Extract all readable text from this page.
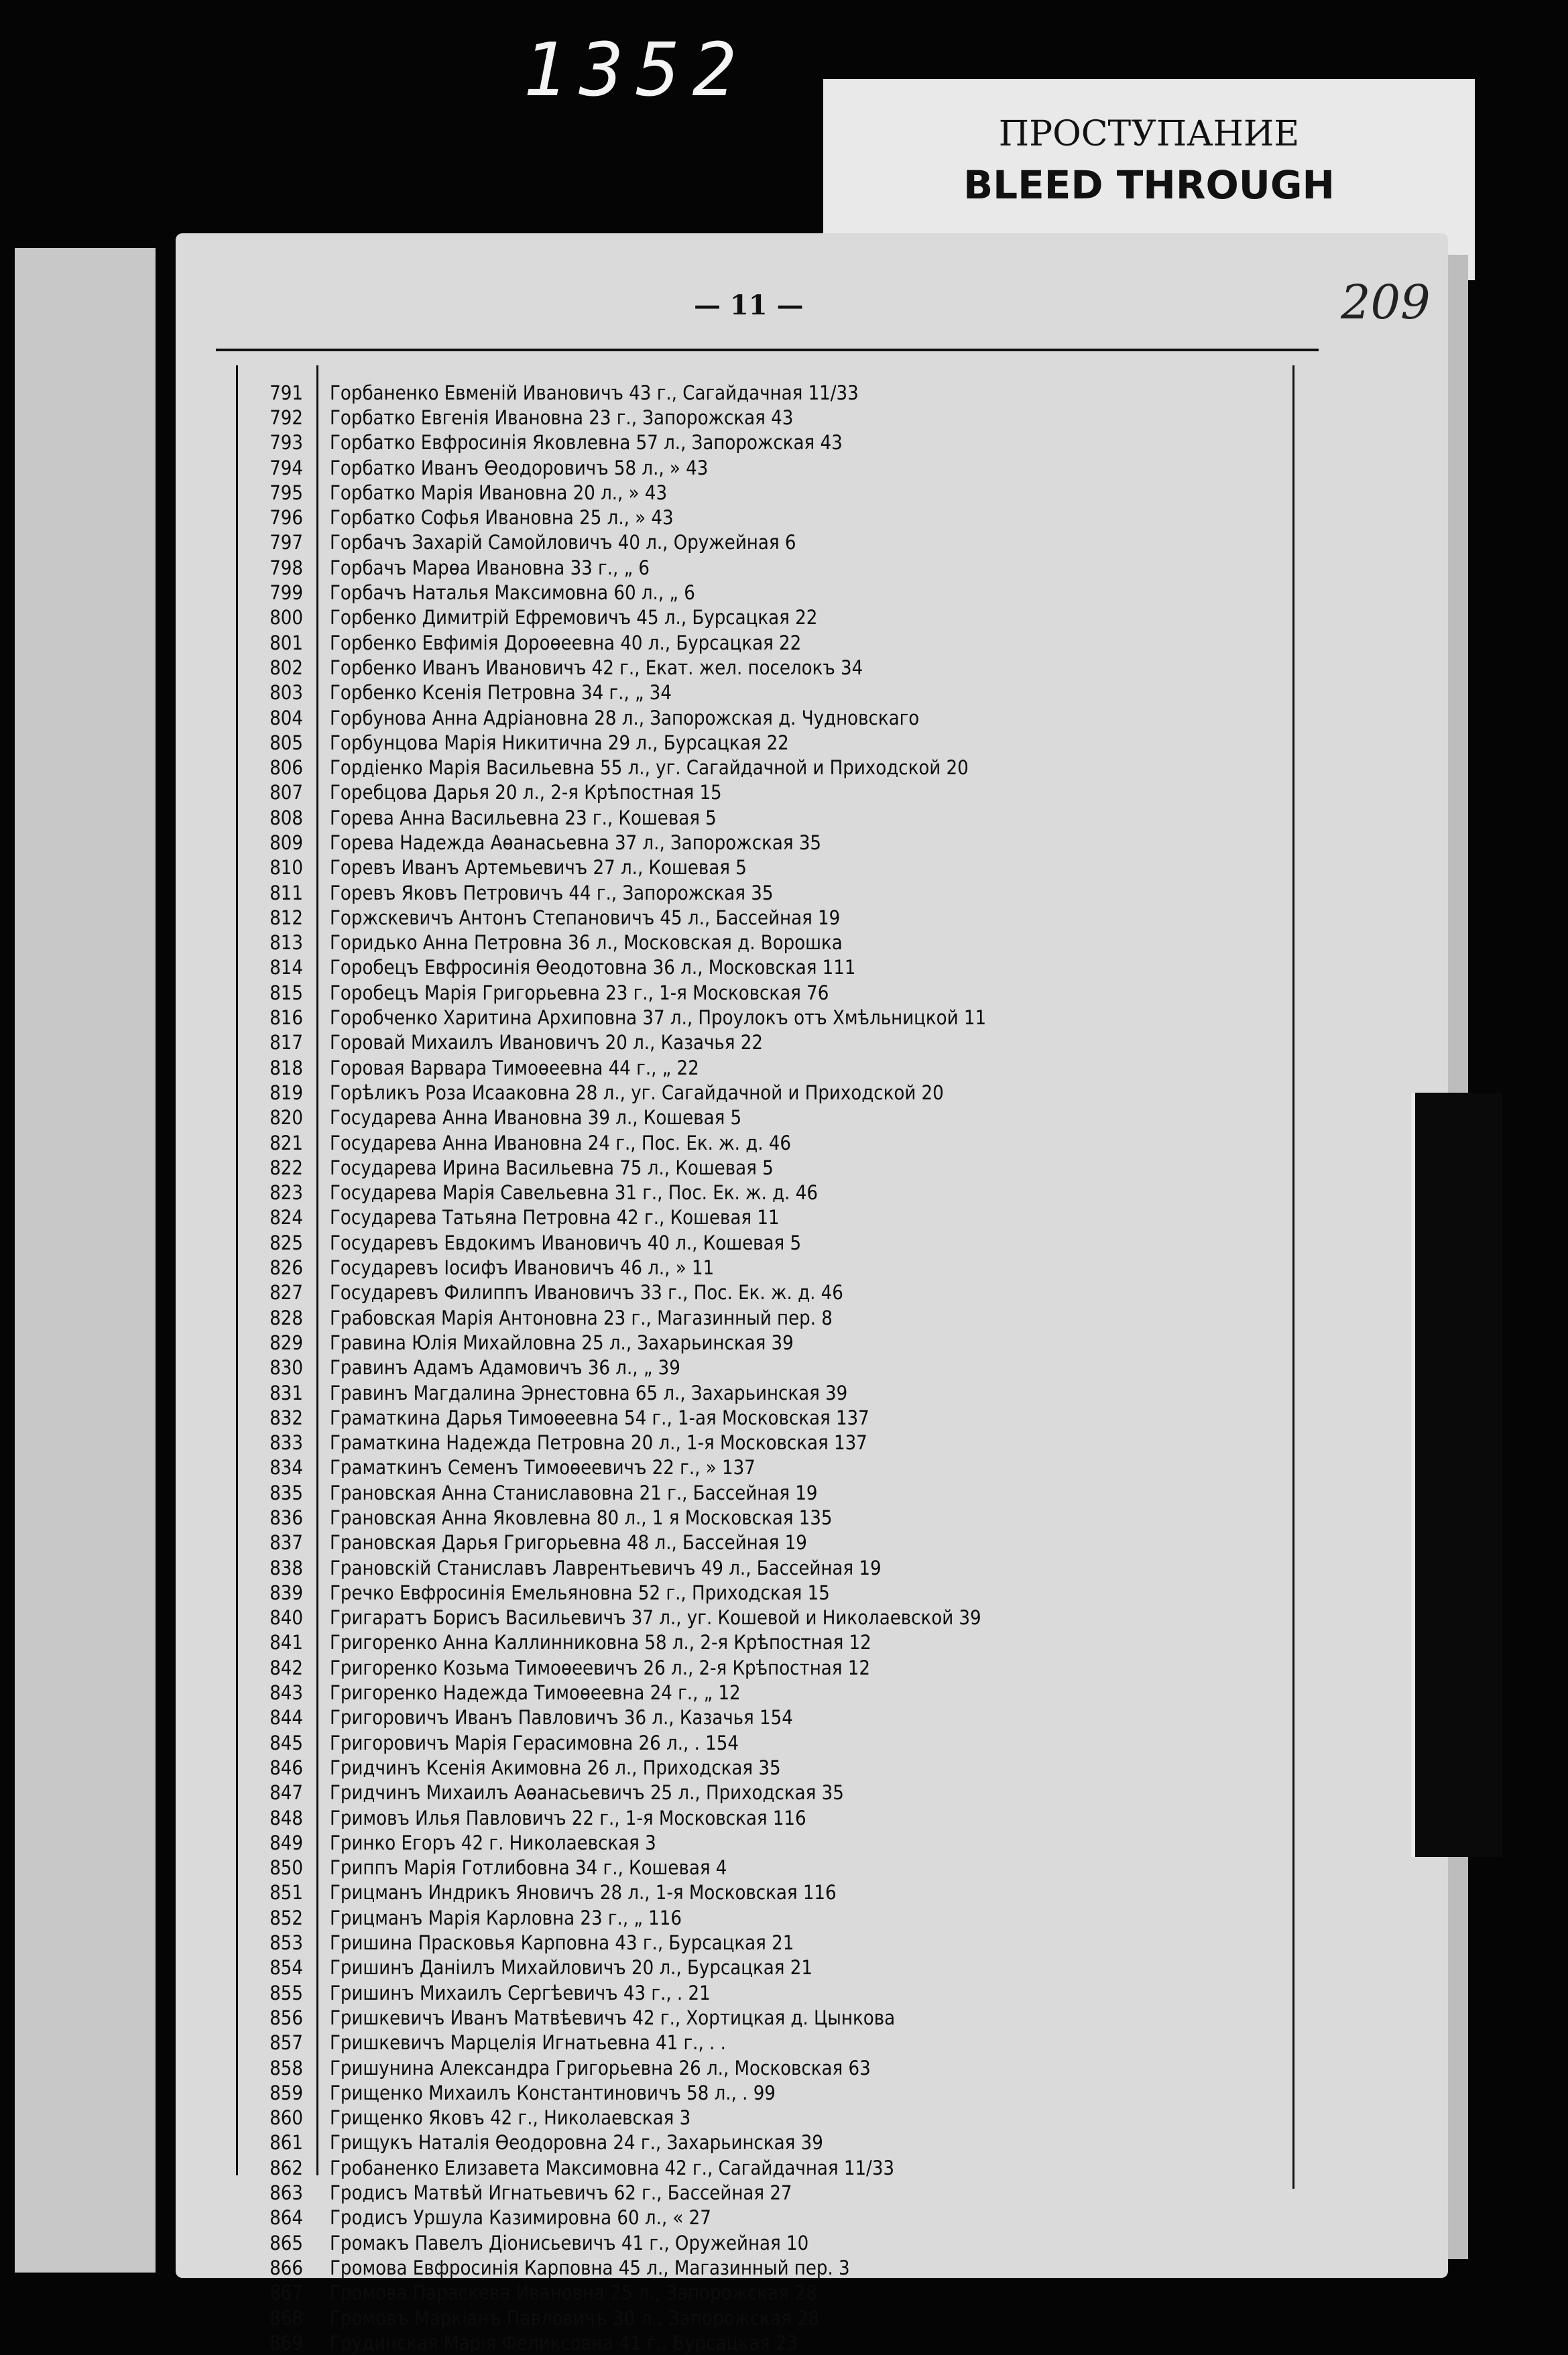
1352
ПРОСТУПАНИЕ
BLEED THROUGH
— 11 —	209
791	Горбаненко Евменій Ивановичъ 43 г., Сагайдачная 11/33
792	Горбатко Евгенія Ивановна 23 г., Запорожская 43
793	Горбатко Евфросинія Яковлевна 57 л., Запорожская 43
794	Горбатко Иванъ Ѳеодоровичъ 58 л., » 43
795	Горбатко Марія Ивановна 20 л., » 43
796	Горбатко Софья Ивановна 25 л., » 43
797	Горбачъ Захарій Самойловичъ 40 л., Оружейная 6
798	Горбачъ Марѳа Ивановна 33 г., „ 6
799	Горбачъ Наталья Максимовна 60 л., „ 6
800	Горбенко Димитрій Ефремовичъ 45 л., Бурсацкая 22
801	Горбенко Евфимія Дороѳеевна 40 л., Бурсацкая 22
802	Горбенко Иванъ Ивановичъ 42 г., Екат. жел. поселокъ 34
803	Горбенко Ксенія Петровна 34 г., „ 34
804	Горбунова Анна Адріановна 28 л., Запорожская д. Чудновскаго
805	Горбунцова Марія Никитична 29 л., Бурсацкая 22
806	Горді​енко Марія Васильевна 55 л., уг. Сагайдачной и Приходской 20
807	Горебцова Дарья 20 л., 2-я Крѣпостная 15
808	Горева Анна Васильевна 23 г., Кошевая 5
809	Горева Надежда Аѳанасьевна 37 л., Запорожская 35
810	Горевъ Иванъ Артемьевичъ 27 л., Кошевая 5
811	Горевъ Яковъ Петровичъ 44 г., Запорожская 35
812	Горжскевичъ Антонъ Степановичъ 45 л., Бассейная 19
813	Горидько Анна Петровна 36 л., Московская д. Ворошка
814	Горобецъ Евфросинія Ѳеодотовна 36 л., Московская 111
815	Горобецъ Марія Григорьевна 23 г., 1-я Московская 76
816	Горобченко Харитина Архиповна 37 л., Проулокъ отъ Хмѣльницкой 11
817	Горовай Михаилъ Ивановичъ 20 л., Казачья 22
818	Горовая Варвара Тимоѳеевна 44 г., „ 22
819	Горѣликъ Роза Исааковна 28 л., уг. Сагайдачной и Приходской 20
820	Государева Анна Ивановна 39 л., Кошевая 5
821	Государева Анна Ивановна 24 г., Пос. Ек. ж. д. 46
822	Государева Ирина Васильевна 75 л., Кошевая 5
823	Государева Марія Савельевна 31 г., Пос. Ек. ж. д. 46
824	Государева Татьяна Петровна 42 г., Кошевая 11
825	Государевъ Евдокимъ Ивановичъ 40 л., Кошевая 5
826	Государевъ Іосифъ Ивановичъ 46 л., » 11
827	Государевъ Филиппъ Ивановичъ 33 г., Пос. Ек. ж. д. 46
828	Грабовская Марія Антоновна 23 г., Магазинный пер. 8
829	Гравина Юлія Михайловна 25 л., Захарьинская 39
830	Гравинъ Адамъ Адамовичъ 36 л., „ 39
831	Гравинъ Магдалина Эрнестовна 65 л., Захарьинская 39
832	Граматкина Дарья Тимоѳеевна 54 г., 1-ая Московская 137
833	Граматкина Надежда Петровна 20 л., 1-я Московская 137
834	Граматкинъ Семенъ Тимоѳеевичъ 22 г., » 137
835	Грановская Анна Станиславовна 21 г., Бассейная 19
836	Грановская Анна Яковлевна 80 л., 1 я Московская 135
837	Грановская Дарья Григорьевна 48 л., Бассейная 19
838	Грановскій Станиславъ Лаврентьевичъ 49 л., Бассейная 19
839	Гречко Евфросинія Емельяновна 52 г., Приходская 15
840	Григаратъ Борисъ Васильевичъ 37 л., уг. Кошевой и Николаевской 39
841	Григоренко Анна Каллинниковна 58 л., 2-я Крѣпостная 12
842	Григоренко Козьма Тимоѳеевичъ 26 л., 2-я Крѣпостная 12
843	Григоренко Надежда Тимоѳеевна 24 г., „ 12
844	Григоровичъ Иванъ Павловичъ 36 л., Казачья 154
845	Григоровичъ Марія Герасимовна 26 л., . 154
846	Гридчинъ Ксенія Акимовна 26 л., Приходская 35
847	Гридчинъ Михаилъ Аѳанасьевичъ 25 л., Приходская 35
848	Гримовъ Илья Павловичъ 22 г., 1-я Московская 116
849	Гринко Егоръ 42 г. Николаевская 3
850	Гриппъ Марія Готлибовна 34 г., Кошевая 4
851	Грицманъ Индрикъ Яновичъ 28 л., 1-я Московская 116
852	Грицманъ Марія Карловна 23 г., „ 116
853	Гришина Прасковья Карповна 43 г., Бурсацкая 21
854	Гришинъ Даніилъ Михайловичъ 20 л., Бурсацкая 21
855	Гришинъ Михаилъ Сергѣевичъ 43 г., . 21
856	Гришкевичъ Иванъ Матвѣевичъ 42 г., Хортицкая д. Цынкова
857	Гришкевичъ Марцелія Игнатьевна 41 г., . .
858	Гришунина Александра Григорьевна 26 л., Московская 63
859	Грищенко Михаилъ Константиновичъ 58 л., . 99
860	Грищенко Яковъ 42 г., Николаевская 3
861	Грищукъ Наталія Ѳеодоровна 24 г., Захарьинская 39
862	Гробаненко Елизавета Максимовна 42 г., Сагайдачная 11/33
863	Гродисъ Матвѣй Игнатьевичъ 62 г., Бассейная 27
864	Гродисъ Уршула Казимировна 60 л., « 27
865	Громакъ Павелъ Діонисьевичъ 41 г., Оружейная 10
866	Громова Евфросинія Карповна 45 л., Магазинный пер. 3
867	Громова Параскева Ивановна 25 л., Запорожская 28
868	Громовъ Маркіанъ Павловичъ 30 л., Запорожская 28
869	Грудинская Марія Феликсовна 41 г., Бурсацкая 23
